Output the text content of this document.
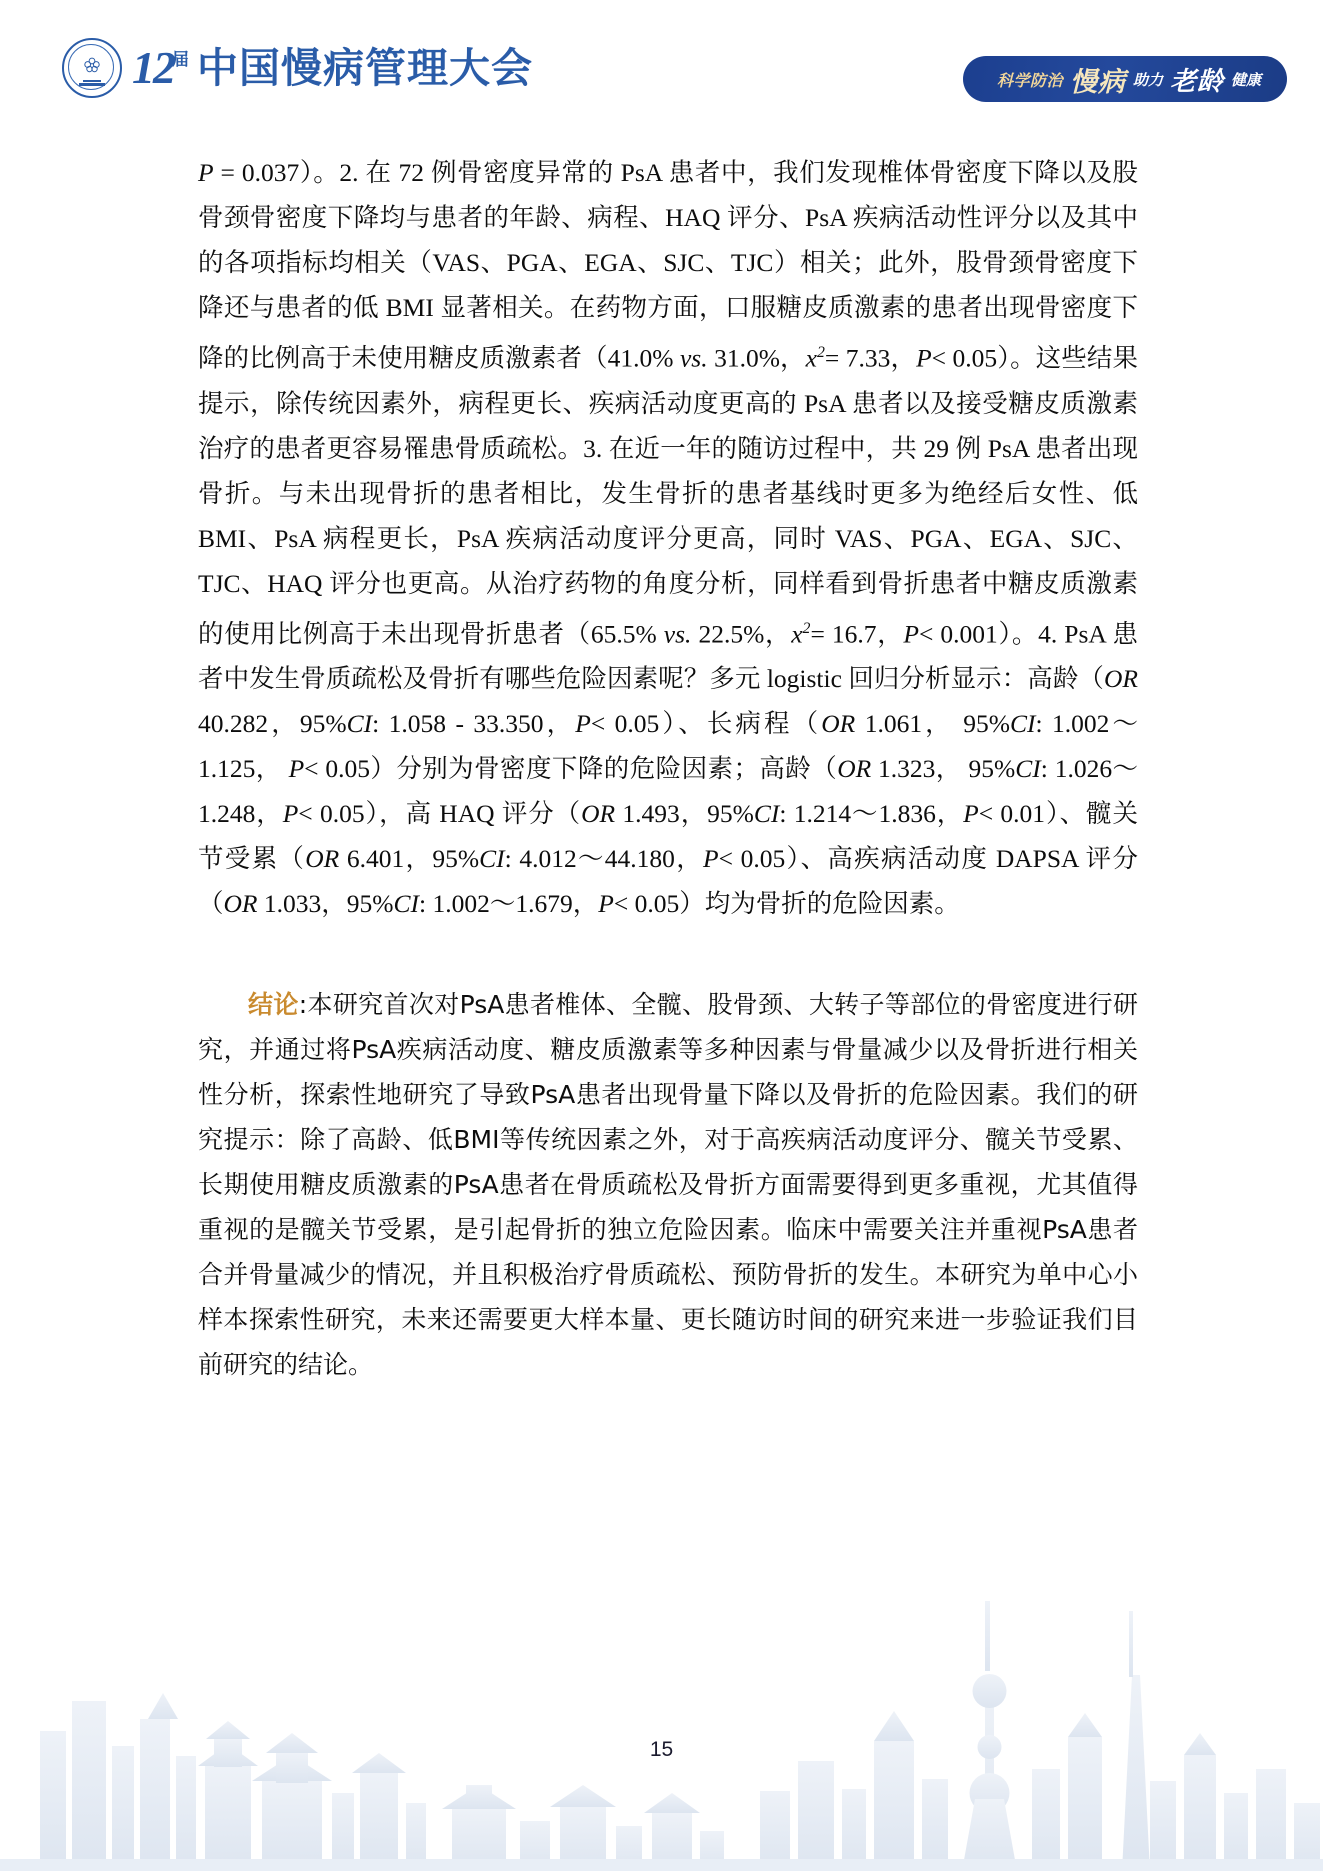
$12^届$ 中国慢病管理大会	科学防治 慢病 助力 老龄 健康

P = 0.037）。2. 在 72 例骨密度异常的 PsA 患者中，我们发现椎体骨密度下降以及股骨颈骨密度下降均与患者的年龄、病程、HAQ 评分、PsA 疾病活动性评分以及其中的各项指标均相关（VAS、PGA、EGA、SJC、TJC）相关；此外，股骨颈骨密度下降还与患者的低 BMI 显著相关。在药物方面，口服糖皮质激素的患者出现骨密度下降的比例高于未使用糖皮质激素者（41.0% vs. 31.0%，$x^2= 7.33$，P< 0.05）。这些结果提示，除传统因素外，病程更长、疾病活动度更高的 PsA 患者以及接受糖皮质激素治疗的患者更容易罹患骨质疏松。3. 在近一年的随访过程中，共 29 例 PsA 患者出现骨折。与未出现骨折的患者相比，发生骨折的患者基线时更多为绝经后女性、低 BMI、PsA 病程更长，PsA 疾病活动度评分更高，同时 VAS、PGA、EGA、SJC、TJC、HAQ 评分也更高。从治疗药物的角度分析，同样看到骨折患者中糖皮质激素的使用比例高于未出现骨折患者（65.5% vs. 22.5%，$x^2= 16.7$，P< 0.001）。4. PsA 患者中发生骨质疏松及骨折有哪些危险因素呢？多元 logistic 回归分析显示：高龄（OR 40.282，95%CI: 1.058 - 33.350，P< 0.05）、长病程（OR 1.061， 95%CI: 1.002～1.125， P< 0.05）分别为骨密度下降的危险因素；高龄（OR 1.323， 95%CI: 1.026～1.248，P< 0.05），高 HAQ 评分（OR 1.493，95%CI: 1.214～1.836，P< 0.01）、髋关节受累（OR 6.401，95%CI: 4.012～44.180，P< 0.05）、高疾病活动度 DAPSA 评分（OR 1.033，95%CI: 1.002～1.679，P< 0.05）均为骨折的危险因素。

结论:本研究首次对PsA患者椎体、全髋、股骨颈、大转子等部位的骨密度进行研究，并通过将PsA疾病活动度、糖皮质激素等多种因素与骨量减少以及骨折进行相关性分析，探索性地研究了导致PsA患者出现骨量下降以及骨折的危险因素。我们的研究提示：除了高龄、低BMI等传统因素之外，对于高疾病活动度评分、髋关节受累、长期使用糖皮质激素的PsA患者在骨质疏松及骨折方面需要得到更多重视，尤其值得重视的是髋关节受累，是引起骨折的独立危险因素。临床中需要关注并重视PsA患者合并骨量减少的情况，并且积极治疗骨质疏松、预防骨折的发生。本研究为单中心小样本探索性研究，未来还需要更大样本量、更长随访时间的研究来进一步验证我们目前研究的结论。

15
